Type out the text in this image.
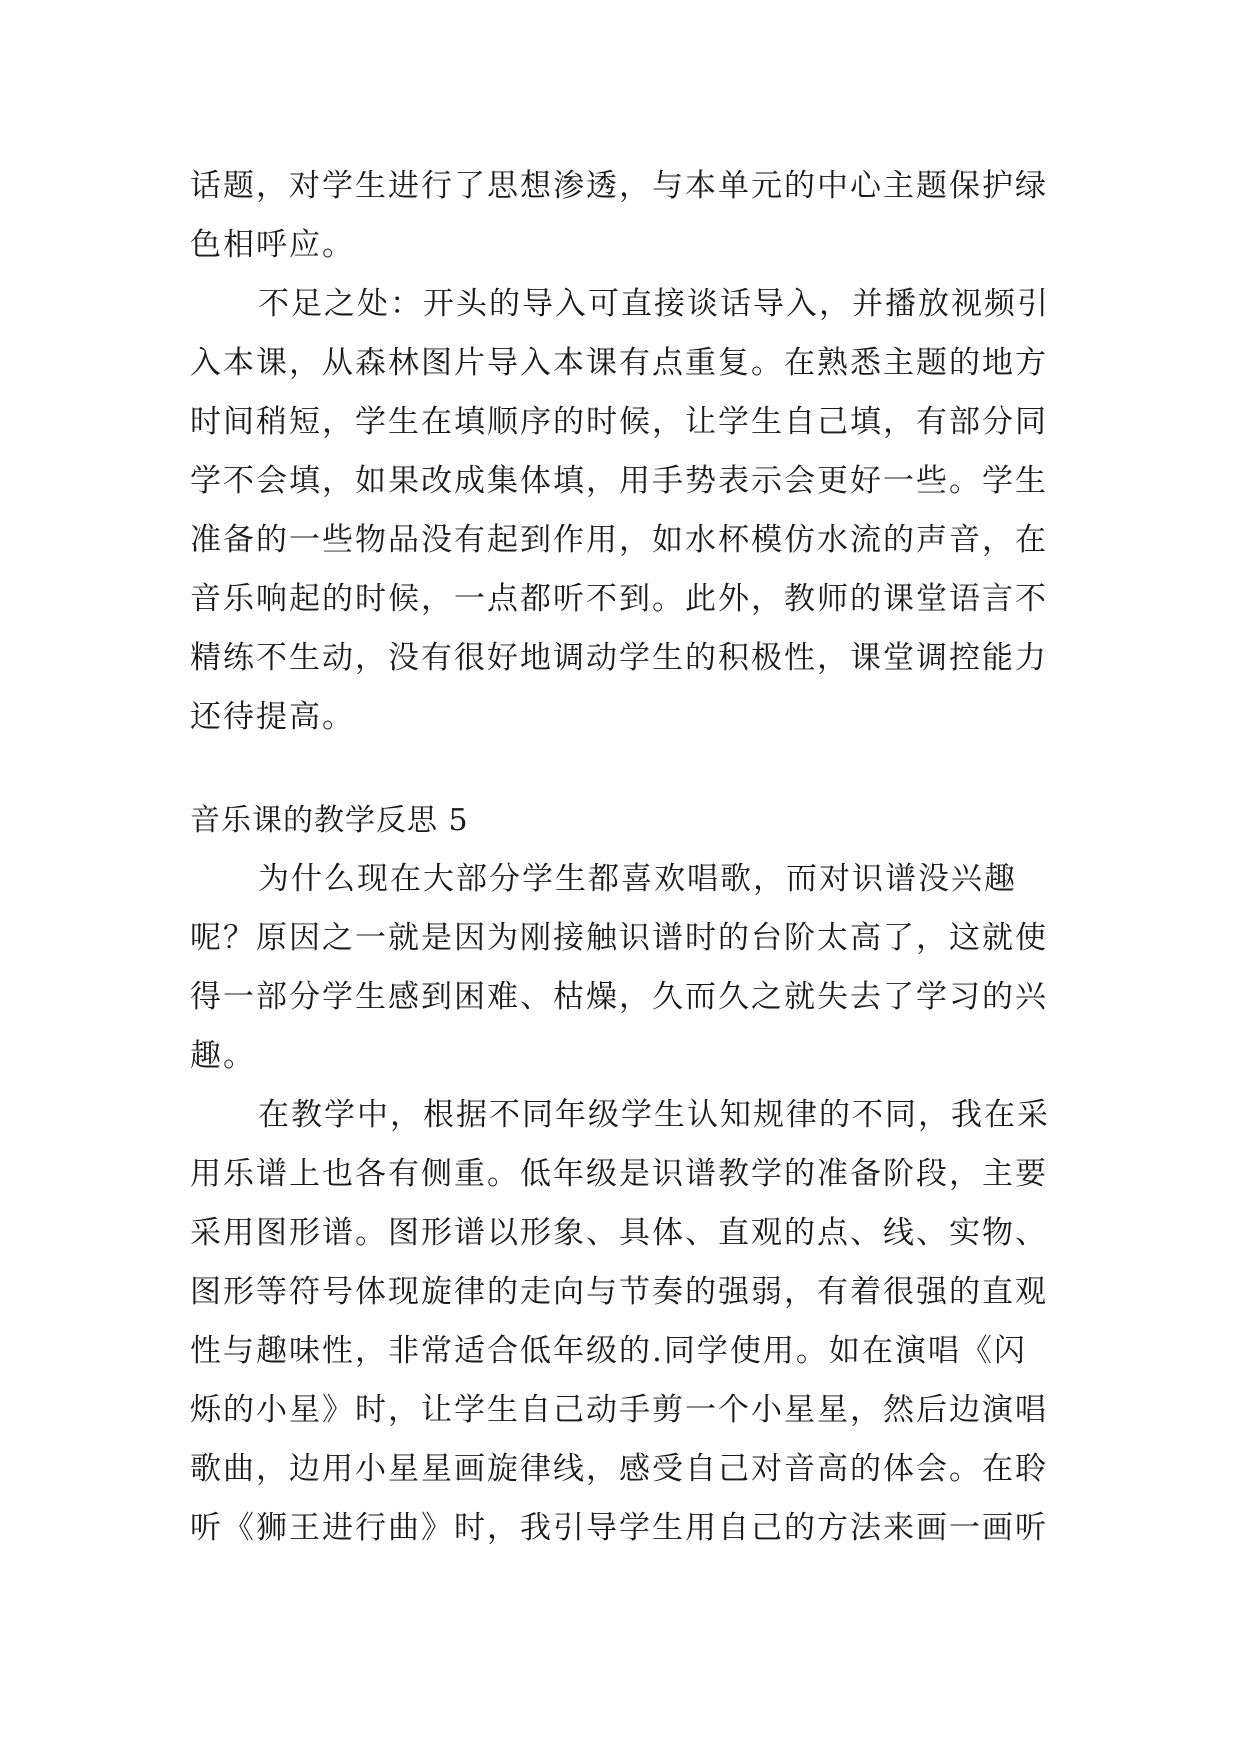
话题，对学生进行了思想渗透，与本单元的中心主题保护绿
色相呼应。
不足之处：开头的导入可直接谈话导入，并播放视频引
入本课，从森林图片导入本课有点重复。在熟悉主题的地方
时间稍短，学生在填顺序的时候，让学生自己填，有部分同
学不会填，如果改成集体填，用手势表示会更好一些。学生
准备的一些物品没有起到作用，如水杯模仿水流的声音，在
音乐响起的时候，一点都听不到。此外，教师的课堂语言不
精练不生动，没有很好地调动学生的积极性，课堂调控能力
还待提高。
音乐课的教学反思 5
为什么现在大部分学生都喜欢唱歌，而对识谱没兴趣
呢？原因之一就是因为刚接触识谱时的台阶太高了，这就使
得一部分学生感到困难、枯燥，久而久之就失去了学习的兴
趣。
在教学中，根据不同年级学生认知规律的不同，我在采
用乐谱上也各有侧重。低年级是识谱教学的准备阶段，主要
采用图形谱。图形谱以形象、具体、直观的点、线、实物、
图形等符号体现旋律的走向与节奏的强弱，有着很强的直观
性与趣味性，非常适合低年级的.同学使用。如在演唱《闪
烁的小星》时，让学生自己动手剪一个小星星，然后边演唱
歌曲，边用小星星画旋律线，感受自己对音高的体会。在聆
听《狮王进行曲》时，我引导学生用自己的方法来画一画听
